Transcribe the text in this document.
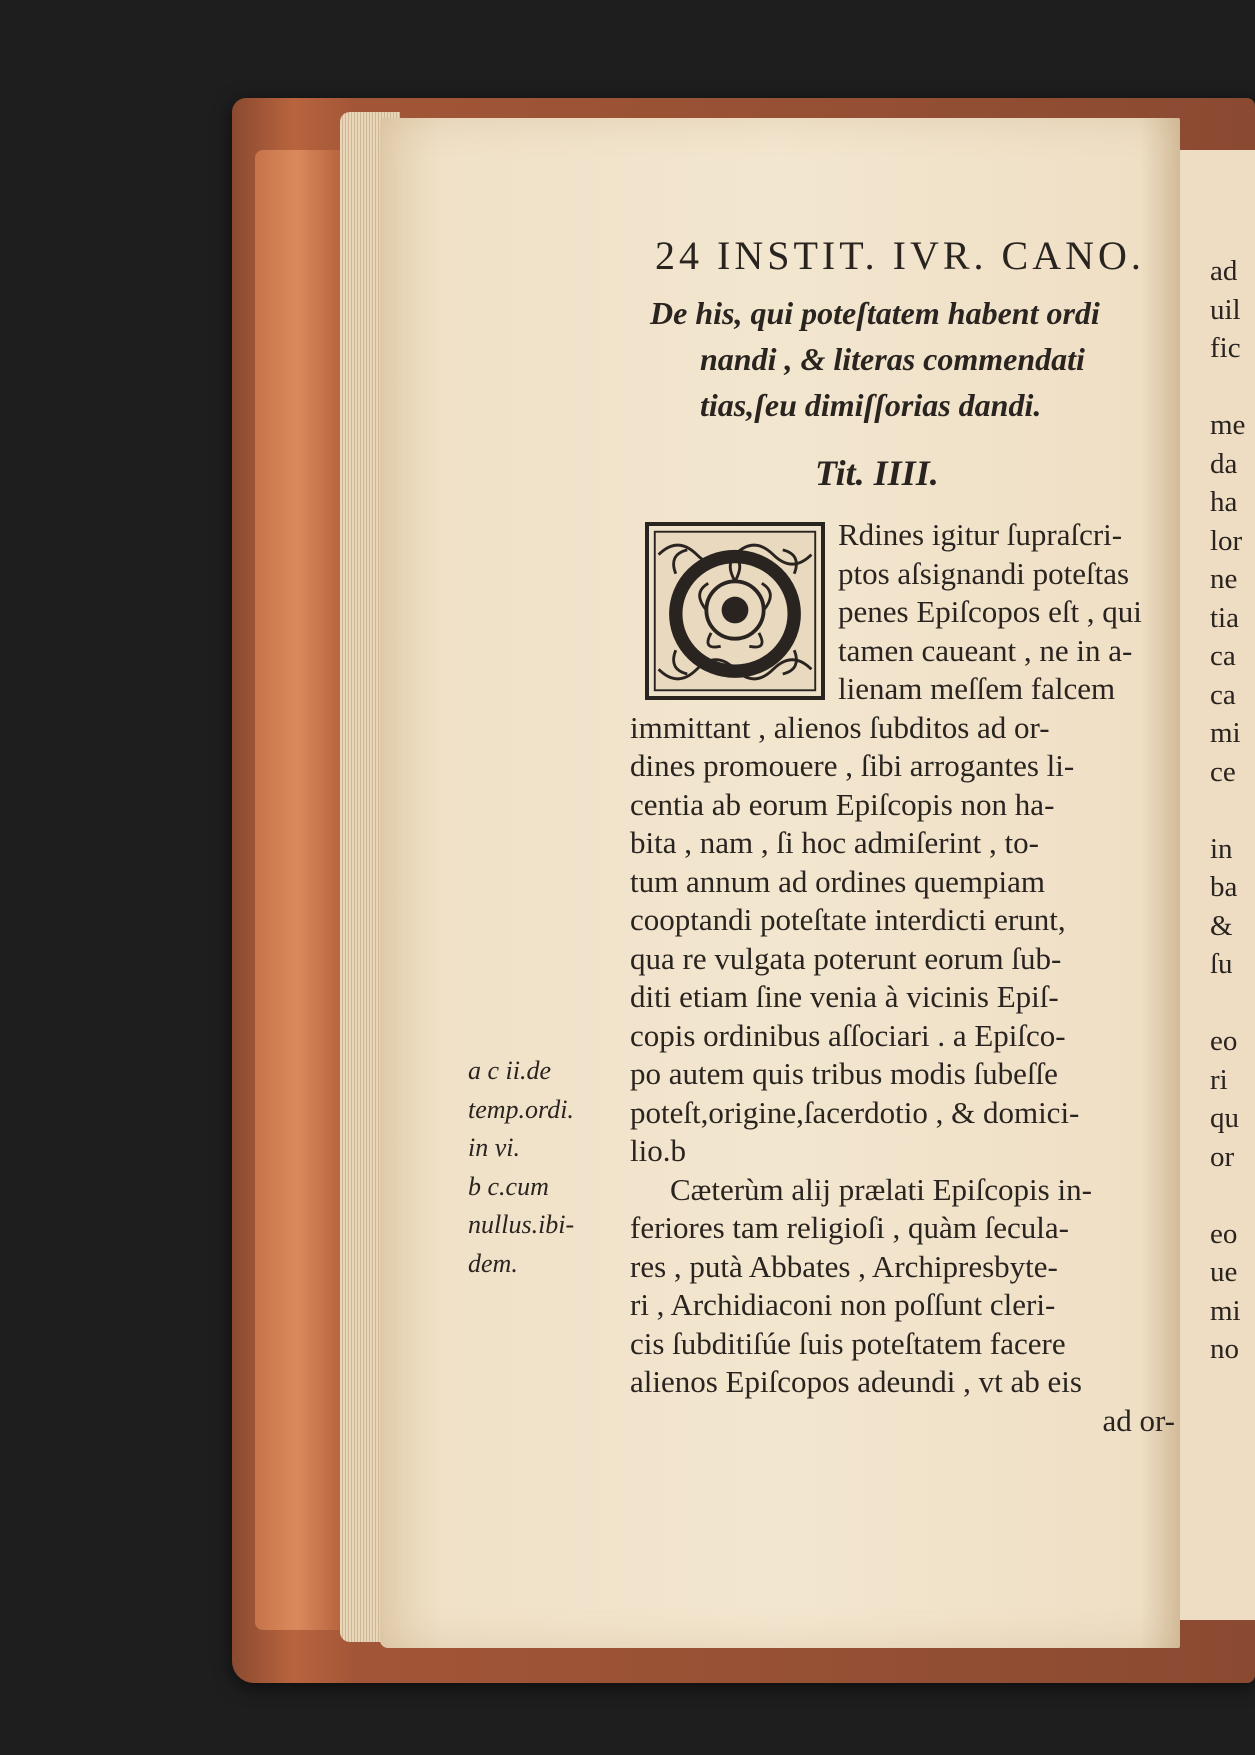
24 INSTIT. IVR. CANO.
De his, qui poteſtatem habent ordi
nandi , & literas commendati
tias,ſeu dimiſſorias dandi.
Tit. IIII.
Rdines igitur ſupraſcri-
ptos aſsignandi poteſtas
penes Epiſcopos eſt , qui
tamen caueant , ne in a-
lienam meſſem falcem
immittant , alienos ſubditos ad or-
dines promouere , ſibi arrogantes li-
centia ab eorum Epiſcopis non ha-
bita , nam , ſi hoc admiſerint , to-
tum annum ad ordines quempiam
cooptandi poteſtate interdicti erunt,
qua re vulgata poterunt eorum ſub-
diti etiam ſine venia à vicinis Epiſ-
copis ordinibus aſſociari . a Epiſco-
po autem quis tribus modis ſubeſſe
poteſt,origine,ſacerdotio , & domici-
lio.b
Cæterùm alij prælati Epiſcopis in-
feriores tam religioſi , quàm ſecula-
res , putà Abbates , Archipresbyte-
ri , Archidiaconi non poſſunt cleri-
cis ſubditiſúe ſuis poteſtatem facere
alienos Epiſcopos adeundi , vt ab eis
ad or-
a c ii.de
temp.ordi.
in vi.
b c.cum
nullus.ibi-
dem.
ad
uil
fic

me
da
ha
lor
ne
tia
ca
ca
mi
ce

in
ba
&
ſu

eo
ri
qu
or

eo
ue
mi
no
